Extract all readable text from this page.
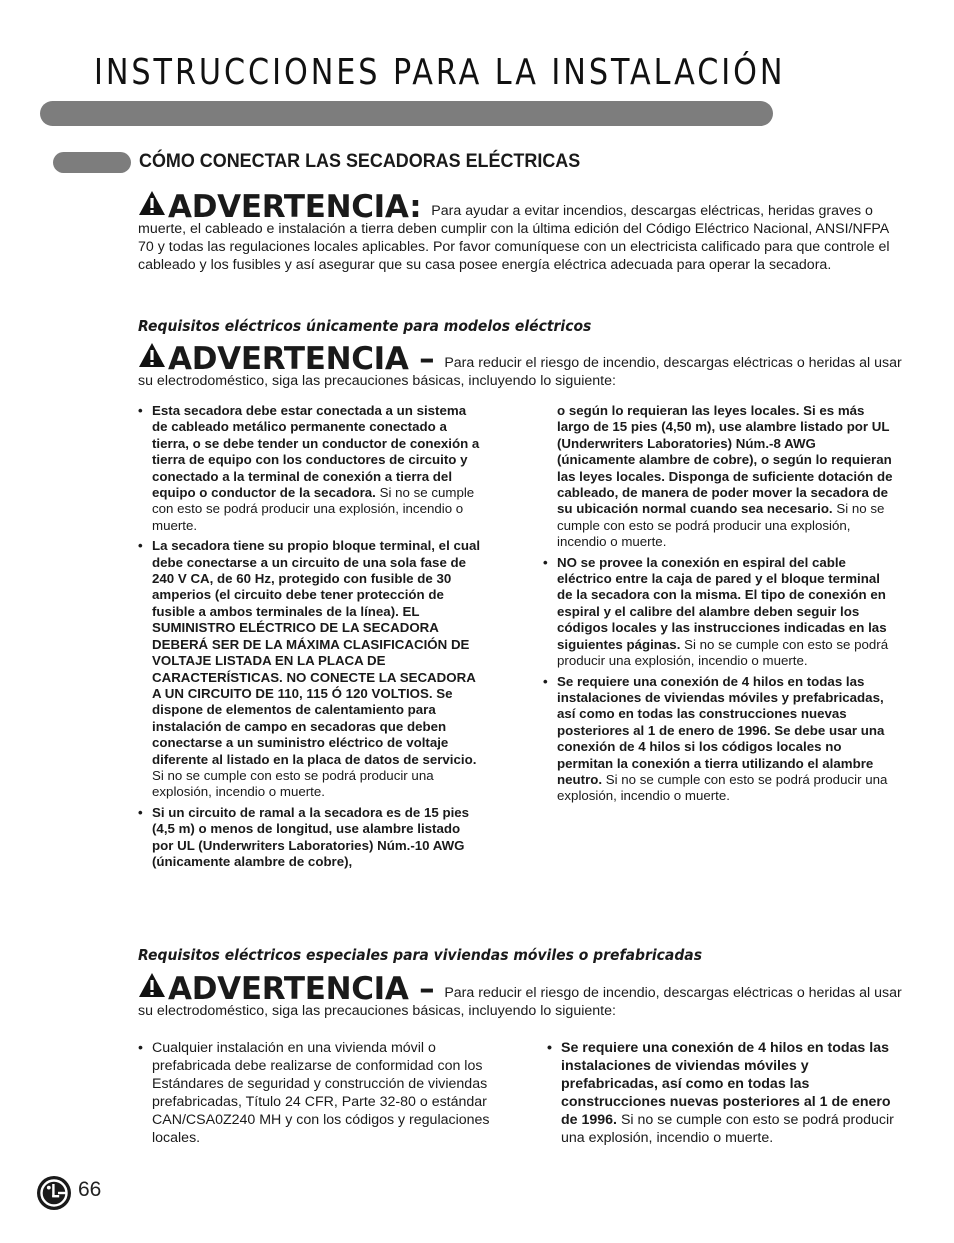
INSTRUCCIONES PARA LA INSTALACIÓN
CÓMO CONECTAR LAS SECADORAS ELÉCTRICAS
ADVERTENCIA: Para ayudar a evitar incendios, descargas eléctricas, heridas graves o muerte, el cableado e instalación a tierra deben cumplir con la última edición del Código Eléctrico Nacional, ANSI/NFPA 70 y todas las regulaciones locales aplicables. Por favor comuníquese con un electricista calificado para que controle el cableado y los fusibles y así asegurar que su casa posee energía eléctrica adecuada para operar la secadora.
Requisitos eléctricos únicamente para modelos eléctricos
ADVERTENCIA – Para reducir el riesgo de incendio, descargas eléctricas o heridas al usar su electrodoméstico, siga las precauciones básicas, incluyendo lo siguiente:
• Esta secadora debe estar conectada a un sistema de cableado metálico permanente conectado a tierra, o se debe tender un conductor de conexión a tierra de equipo con los conductores de circuito y conectado a la terminal de conexión a tierra del equipo o conductor de la secadora. Si no se cumple con esto se podrá producir una explosión, incendio o muerte.
• La secadora tiene su propio bloque terminal, el cual debe conectarse a un circuito de una sola fase de 240 V CA, de 60 Hz, protegido con fusible de 30 amperios (el circuito debe tener protección de fusible a ambos terminales de la línea). EL SUMINISTRO ELÉCTRICO DE LA SECADORA DEBERÁ SER DE LA MÁXIMA CLASIFICACIÓN DE VOLTAJE LISTADA EN LA PLACA DE CARACTERÍSTICAS. NO CONECTE LA SECADORA A UN CIRCUITO DE 110, 115 Ó 120 VOLTIOS. Se dispone de elementos de calentamiento para instalación de campo en secadoras que deben conectarse a un suministro eléctrico de voltaje diferente al listado en la placa de datos de servicio. Si no se cumple con esto se podrá producir una explosión, incendio o muerte.
• Si un circuito de ramal a la secadora es de 15 pies (4,5 m) o menos de longitud, use alambre listado por UL (Underwriters Laboratories) Núm.-10 AWG (únicamente alambre de cobre),
o según lo requieran las leyes locales. Si es más largo de 15 pies (4,50 m), use alambre listado por UL (Underwriters Laboratories) Núm.-8 AWG (únicamente alambre de cobre), o según lo requieran las leyes locales. Disponga de suficiente dotación de cableado, de manera de poder mover la secadora de su ubicación normal cuando sea necesario. Si no se cumple con esto se podrá producir una explosión, incendio o muerte.
• NO se provee la conexión en espiral del cable eléctrico entre la caja de pared y el bloque terminal de la secadora con la misma. El tipo de conexión en espiral y el calibre del alambre deben seguir los códigos locales y las instrucciones indicadas en las siguientes páginas. Si no se cumple con esto se podrá producir una explosión, incendio o muerte.
• Se requiere una conexión de 4 hilos en todas las instalaciones de viviendas móviles y prefabricadas, así como en todas las construcciones nuevas posteriores al 1 de enero de 1996. Se debe usar una conexión de 4 hilos si los códigos locales no permitan la conexión a tierra utilizando el alambre neutro. Si no se cumple con esto se podrá producir una explosión, incendio o muerte.
Requisitos eléctricos especiales para viviendas móviles o prefabricadas
ADVERTENCIA – Para reducir el riesgo de incendio, descargas eléctricas o heridas al usar su electrodoméstico, siga las precauciones básicas, incluyendo lo siguiente:
• Cualquier instalación en una vivienda móvil o prefabricada debe realizarse de conformidad con los Estándares de seguridad y construcción de viviendas prefabricadas, Título 24 CFR, Parte 32-80 o estándar CAN/CSA0Z240 MH y con los códigos y regulaciones locales.
• Se requiere una conexión de 4 hilos en todas las instalaciones de viviendas móviles y prefabricadas, así como en todas las construcciones nuevas posteriores al 1 de enero de 1996. Si no se cumple con esto se podrá producir una explosión, incendio o muerte.
66
